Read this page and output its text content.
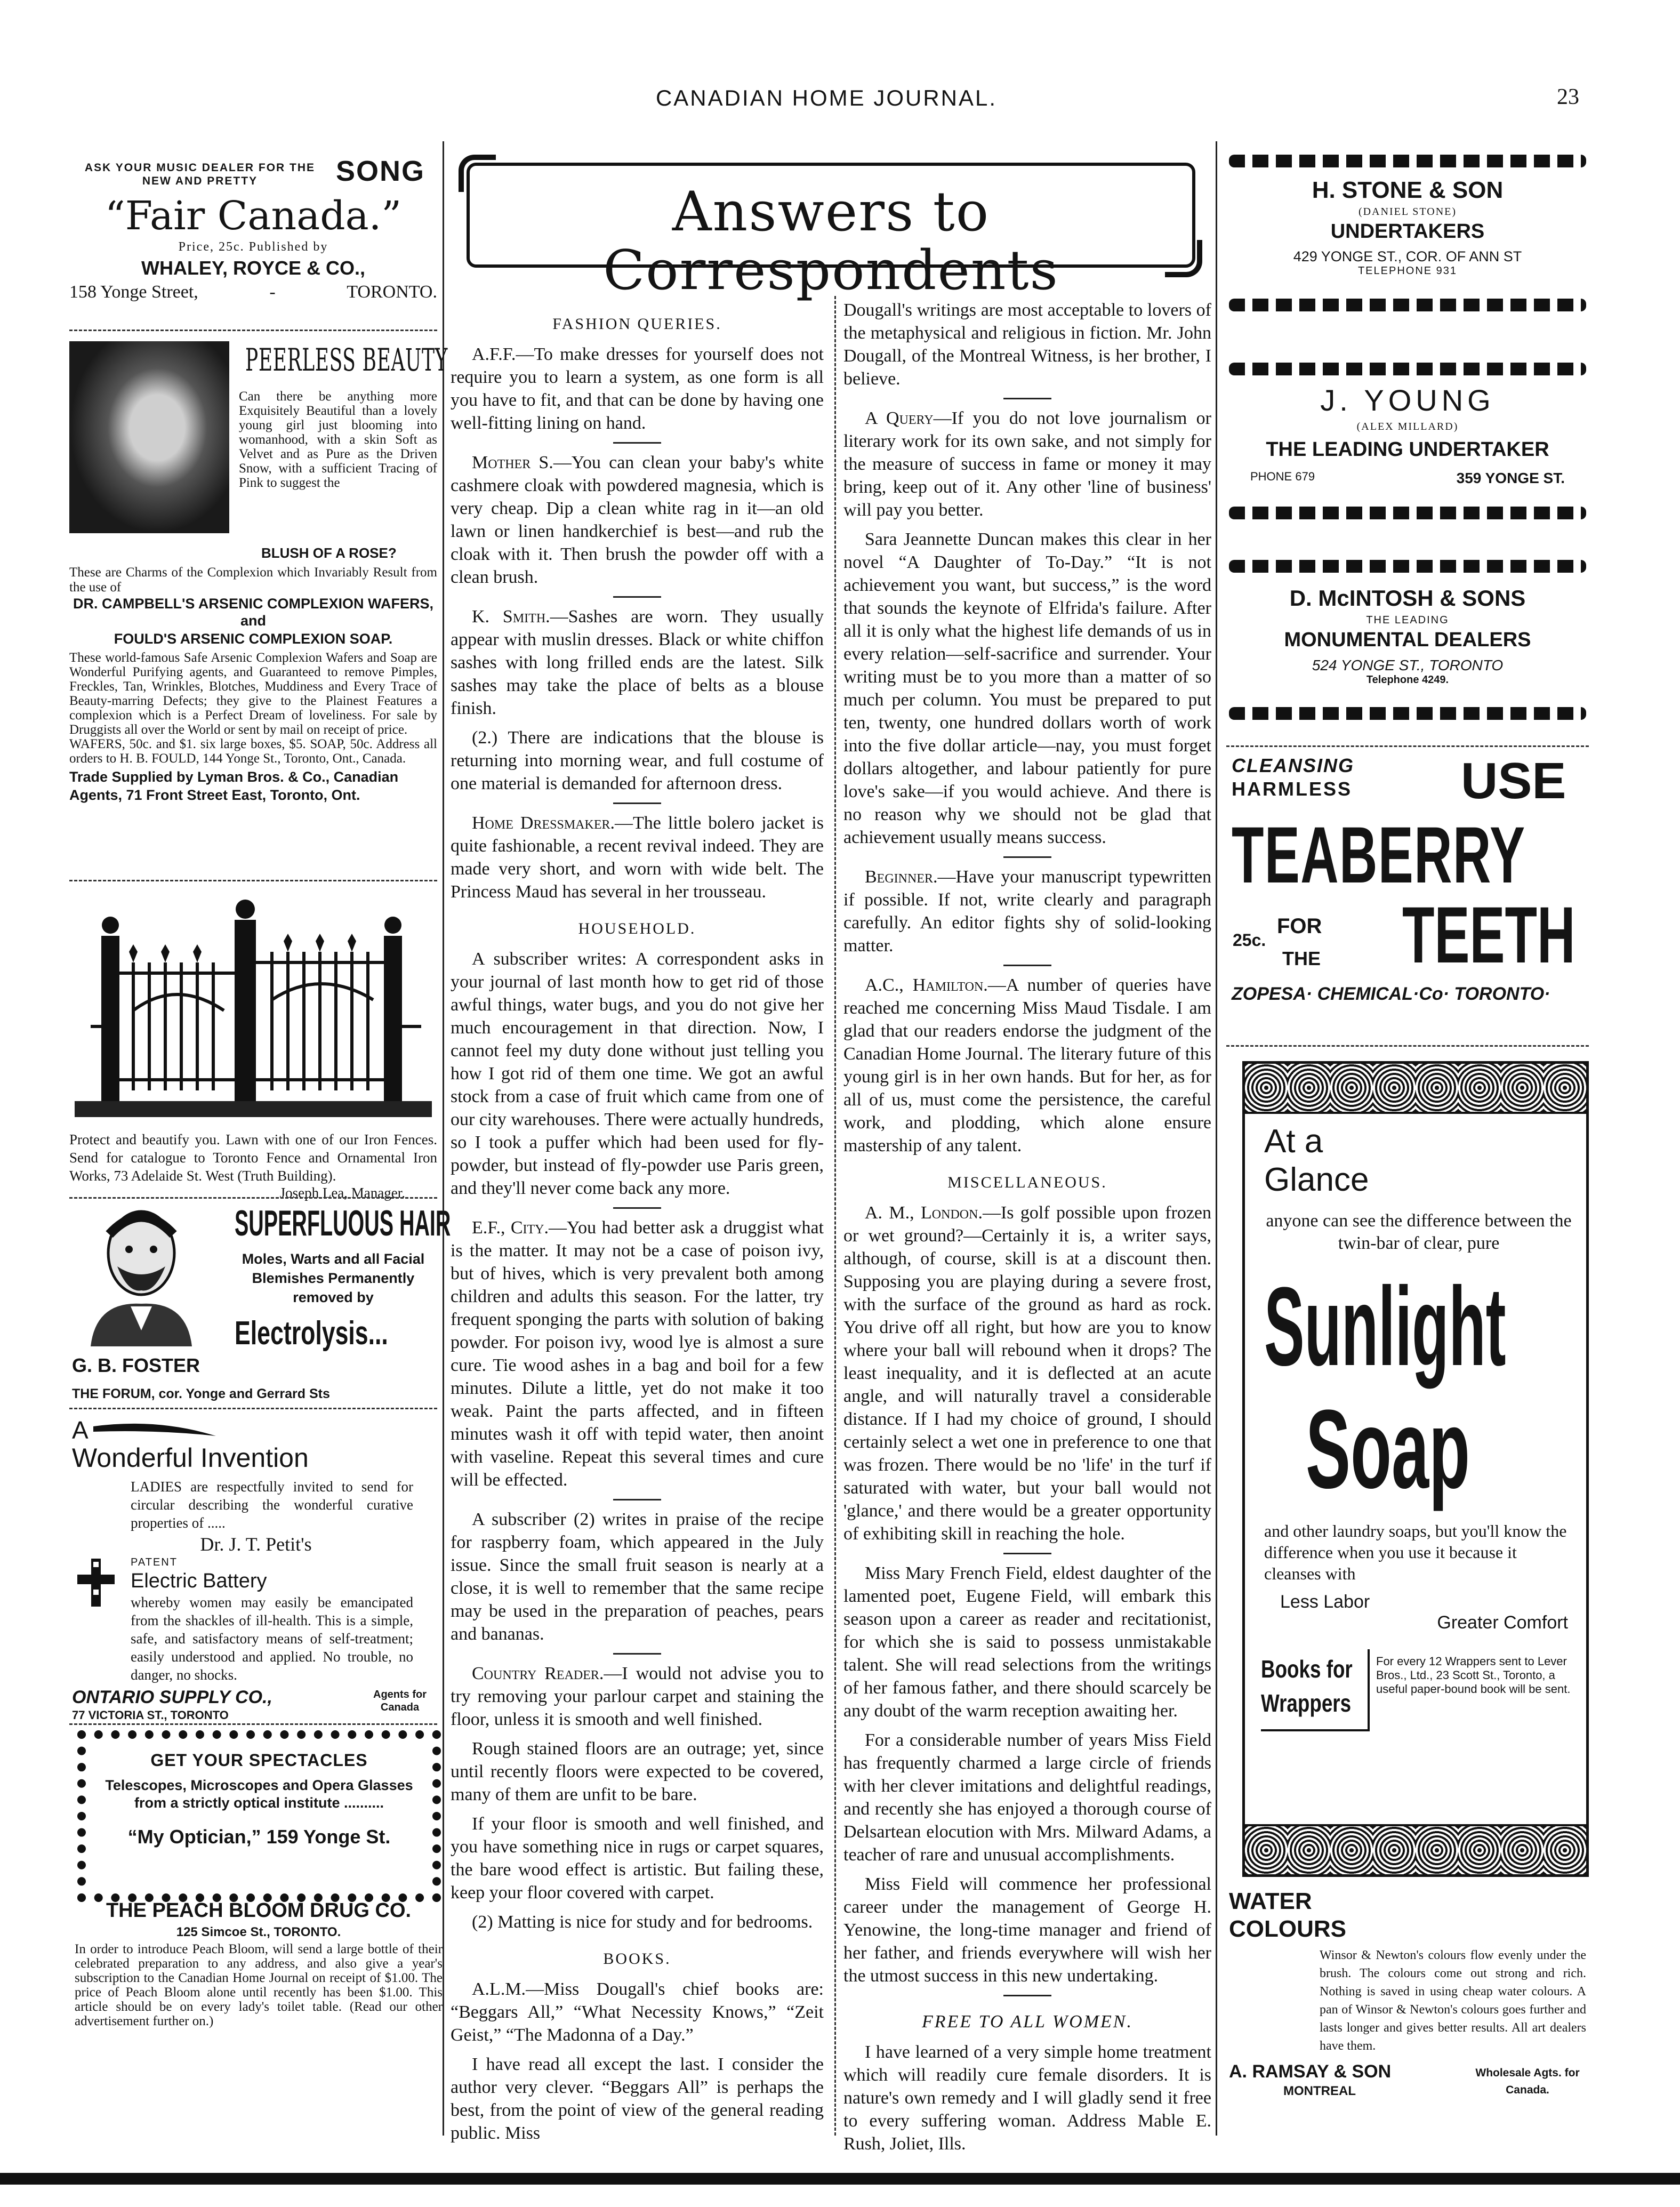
CANADIAN HOME JOURNAL.	23
ASK YOUR MUSIC DEALER FOR THE NEW AND PRETTY	SONG
“Fair Canada.”
Price, 25c. Published by
WHALEY, ROYCE & CO.,
158 Yonge Street,	-	TORONTO.
PEERLESS BEAUTY
Can there be anything more Exquisitely Beautiful than a lovely young girl just blooming into womanhood, with a skin Soft as Velvet and as Pure as the Driven Snow, with a sufficient Tracing of Pink to suggest the
BLUSH OF A ROSE?
These are Charms of the Complexion which Invariably Result from the use of
DR. CAMPBELL'S ARSENIC COMPLEXION WAFERS, and
FOULD'S ARSENIC COMPLEXION SOAP.
These world-famous Safe Arsenic Complexion Wafers and Soap are Wonderful Purifying agents, and Guaranteed to remove Pimples, Freckles, Tan, Wrinkles, Blotches, Muddiness and Every Trace of Beauty-marring Defects; they give to the Plainest Features a complexion which is a Perfect Dream of loveliness. For sale by Druggists all over the World or sent by mail on receipt of price.
WAFERS, 50c. and $1. six large boxes, $5. SOAP, 50c. Address all orders to H. B. FOULD, 144 Yonge St., Toronto, Ont., Canada.
Trade Supplied by Lyman Bros. & Co., Canadian Agents, 71 Front Street East, Toronto, Ont.
Protect and beautify you. Lawn with one of our Iron Fences. Send for catalogue to Toronto Fence and Ornamental Iron Works, 73 Adelaide St. West (Truth Building).
Joseph Lea, Manager.
SUPERFLUOUS HAIR
Moles, Warts and all Facial Blemishes Permanently removed by
Electrolysis...
G. B. FOSTER
THE FORUM, cor. Yonge and Gerrard Sts
A
Wonderful Invention
LADIES are respectfully invited to send for circular describing the wonderful curative properties of .....
Dr. J. T. Petit's
PATENT
Electric Battery
whereby women may easily be emancipated from the shackles of ill-health. This is a simple, safe, and satisfactory means of self-treatment; easily understood and applied. No trouble, no danger, no shocks.
ONTARIO SUPPLY CO.,	Agents for Canada
77 VICTORIA ST., TORONTO
GET YOUR SPECTACLES
Telescopes, Microscopes and Opera Glasses from a strictly optical institute ..........
“My Optician,” 159 Yonge St.
THE PEACH BLOOM DRUG CO.
125 Simcoe St., TORONTO.
In order to introduce Peach Bloom, will send a large bottle of their celebrated preparation to any address, and also give a year's subscription to the Canadian Home Journal on receipt of $1.00. The price of Peach Bloom alone until recently has been $1.00. This article should be on every lady's toilet table. (Read our other advertisement further on.)
Answers to Correspondents
FASHION QUERIES.

A.F.F.—To make dresses for yourself does not require you to learn a system, as one form is all you have to fit, and that can be done by having one well-fitting lining on hand.

Mother S.—You can clean your baby's white cashmere cloak with powdered magnesia, which is very cheap. Dip a clean white rag in it—an old lawn or linen handkerchief is best—and rub the cloak with it. Then brush the powder off with a clean brush.

K. Smith.—Sashes are worn. They usually appear with muslin dresses. Black or white chiffon sashes with long frilled ends are the latest. Silk sashes may take the place of belts as a blouse finish.

(2.) There are indications that the blouse is returning into morning wear, and full costume of one material is demanded for afternoon dress.

Home Dressmaker.—The little bolero jacket is quite fashionable, a recent revival indeed. They are made very short, and worn with wide belt. The Princess Maud has several in her trousseau.

HOUSEHOLD.

A subscriber writes: A correspondent asks in your journal of last month how to get rid of those awful things, water bugs, and you do not give her much encouragement in that direction. Now, I cannot feel my duty done without just telling you how I got rid of them one time. We got an awful stock from a case of fruit which came from one of our city warehouses. There were actually hundreds, so I took a puffer which had been used for fly-powder, but instead of fly-powder use Paris green, and they'll never come back any more.

E.F., City.—You had better ask a druggist what is the matter. It may not be a case of poison ivy, but of hives, which is very prevalent both among children and adults this season. For the latter, try frequent sponging the parts with solution of baking powder. For poison ivy, wood lye is almost a sure cure. Tie wood ashes in a bag and boil for a few minutes. Dilute a little, yet do not make it too weak. Paint the parts affected, and in fifteen minutes wash it off with tepid water, then anoint with vaseline. Repeat this several times and cure will be effected.

A subscriber (2) writes in praise of the recipe for raspberry foam, which appeared in the July issue. Since the small fruit season is nearly at a close, it is well to remember that the same recipe may be used in the preparation of peaches, pears and bananas.

Country Reader.—I would not advise you to try removing your parlour carpet and staining the floor, unless it is smooth and well finished.

Rough stained floors are an outrage; yet, since until recently floors were expected to be covered, many of them are unfit to be bare.

If your floor is smooth and well finished, and you have something nice in rugs or carpet squares, the bare wood effect is artistic. But failing these, keep your floor covered with carpet.

(2) Matting is nice for study and for bedrooms.

BOOKS.

A.L.M.—Miss Dougall's chief books are: “Beggars All,” “What Necessity Knows,” “Zeit Geist,” “The Madonna of a Day.”

I have read all except the last. I consider the author very clever. “Beggars All” is perhaps the best, from the point of view of the general reading public. Miss

Dougall's writings are most acceptable to lovers of the metaphysical and religious in fiction. Mr. John Dougall, of the Montreal Witness, is her brother, I believe.

A Query—If you do not love journalism or literary work for its own sake, and not simply for the measure of success in fame or money it may bring, keep out of it. Any other 'line of business' will pay you better.

Sara Jeannette Duncan makes this clear in her novel “A Daughter of To-Day.” “It is not achievement you want, but success,” is the word that sounds the keynote of Elfrida's failure. After all it is only what the highest life demands of us in every relation—self-sacrifice and surrender. Your writing must be to you more than a matter of so much per column. You must be prepared to put ten, twenty, one hundred dollars worth of work into the five dollar article—nay, you must forget dollars altogether, and labour patiently for pure love's sake—if you would achieve. And there is no reason why we should not be glad that achievement usually means success.

Beginner.—Have your manuscript typewritten if possible. If not, write clearly and paragraph carefully. An editor fights shy of solid-looking matter.

A.C., Hamilton.—A number of queries have reached me concerning Miss Maud Tisdale. I am glad that our readers endorse the judgment of the Canadian Home Journal. The literary future of this young girl is in her own hands. But for her, as for all of us, must come the persistence, the careful work, and plodding, which alone ensure mastership of any talent.

MISCELLANEOUS.

A. M., London.—Is golf possible upon frozen or wet ground?—Certainly it is, a writer says, although, of course, skill is at a discount then. Supposing you are playing during a severe frost, with the surface of the ground as hard as rock. You drive off all right, but how are you to know where your ball will rebound when it drops? The least inequality, and it is deflected at an acute angle, and will naturally travel a considerable distance. If I had my choice of ground, I should certainly select a wet one in preference to one that was frozen. There would be no 'life' in the turf if saturated with water, but your ball would not 'glance,' and there would be a greater opportunity of exhibiting skill in reaching the hole.

Miss Mary French Field, eldest daughter of the lamented poet, Eugene Field, will embark this season upon a career as reader and recitationist, for which she is said to possess unmistakable talent. She will read selections from the writings of her famous father, and there should scarcely be any doubt of the warm reception awaiting her.

For a considerable number of years Miss Field has frequently charmed a large circle of friends with her clever imitations and delightful readings, and recently she has enjoyed a thorough course of Delsartean elocution with Mrs. Milward Adams, a teacher of rare and unusual accomplishments.

Miss Field will commence her professional career under the management of George H. Yenowine, the long-time manager and friend of her father, and friends everywhere will wish her the utmost success in this new undertaking.

FREE TO ALL WOMEN.

I have learned of a very simple home treatment which will readily cure female disorders. It is nature's own remedy and I will gladly send it free to every suffering woman. Address Mable E. Rush, Joliet, Ills.

H. STONE & SON
(DANIEL STONE)
UNDERTAKERS
429 YONGE ST., COR. OF ANN ST
TELEPHONE 931
J. YOUNG
(ALEX MILLARD)
THE LEADING UNDERTAKER
PHONE 679	359 YONGE ST.
D. McINTOSH & SONS
THE LEADING
MONUMENTAL DEALERS
524 YONGE ST., TORONTO
Telephone 4249.
CLEANSING
HARMLESS USE
TEABERRY
25c.
FOR
THE TEETH
ZOPESA· CHEMICAL·Co· TORONTO·
At a
Glance
anyone can see the difference between the twin-bar of clear, pure
Sunlight
Soap
and other laundry soaps, but you'll know the difference when you use it because it cleanses with
Less Labor
Greater Comfort
Books for
Wrappers
For every 12 Wrappers sent to Lever Bros., Ltd., 23 Scott St., Toronto, a useful paper-bound book will be sent.
WATER
COLOURS
Winsor & Newton's colours flow evenly under the brush. The colours come out strong and rich. Nothing is saved in using cheap water colours. A pan of Winsor & Newton's colours goes further and lasts longer and gives better results. All art dealers have them.
A. RAMSAY & SON
MONTREAL
Wholesale Agts. for Canada.
